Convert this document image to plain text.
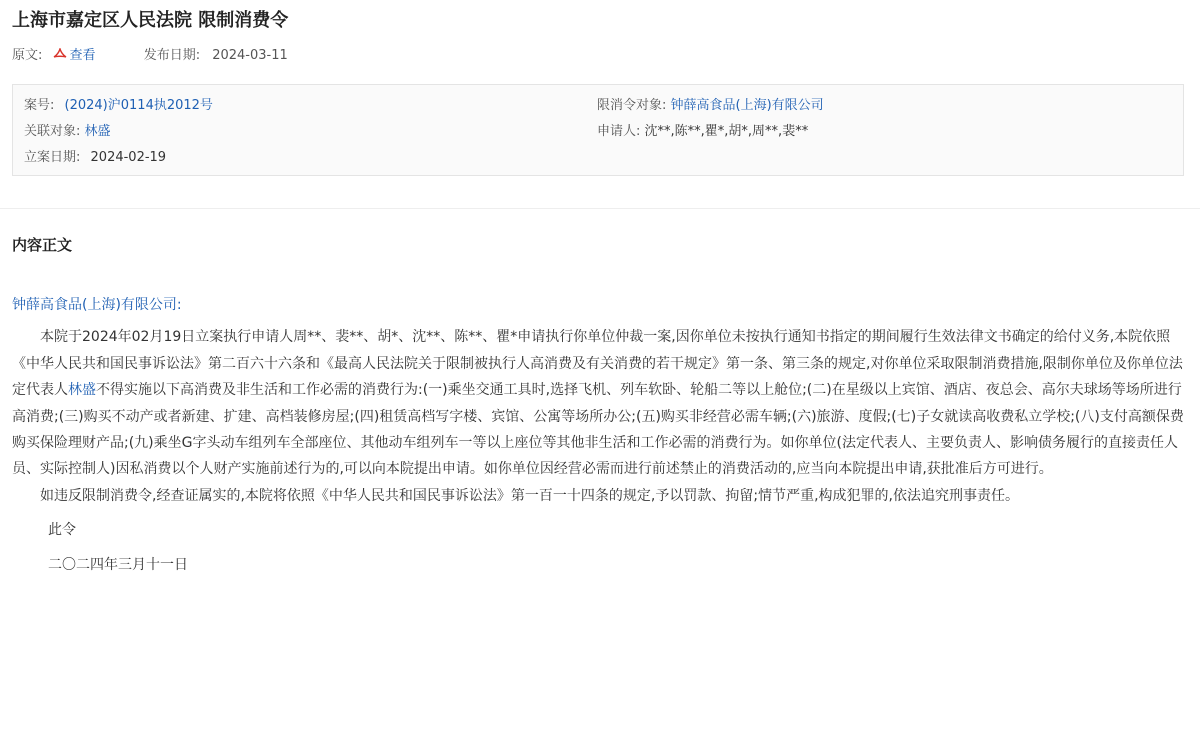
上海市嘉定区人民法院 限制消费令
原文: 查看	发布日期: 2024-03-11
案号: (2024)沪0114执2012号	限消令对象: 钟薛高食品(上海)有限公司
关联对象: 林盛	申请人: 沈**,陈**,瞿*,胡*,周**,裴**
立案日期: 2024-02-19
内容正文

钟薛高食品(上海)有限公司:

本院于2024年02月19日立案执行申请人周**、裴**、胡*、沈**、陈**、瞿*申请执行你单位仲裁一案,因你单位未按执行通知书指定的期间履行生效法律文书确定的给付义务,本院依照《中华人民共和国民事诉讼法》第二百六十六条和《最高人民法院关于限制被执行人高消费及有关消费的若干规定》第一条、第三条的规定,对你单位采取限制消费措施,限制你单位及你单位法定代表人林盛不得实施以下高消费及非生活和工作必需的消费行为:(一)乘坐交通工具时,选择飞机、列车软卧、轮船二等以上舱位;(二)在星级以上宾馆、酒店、夜总会、高尔夫球场等场所进行高消费;(三)购买不动产或者新建、扩建、高档装修房屋;(四)租赁高档写字楼、宾馆、公寓等场所办公;(五)购买非经营必需车辆;(六)旅游、度假;(七)子女就读高收费私立学校;(八)支付高额保费购买保险理财产品;(九)乘坐G字头动车组列车全部座位、其他动车组列车一等以上座位等其他非生活和工作必需的消费行为。如你单位(法定代表人、主要负责人、影响债务履行的直接责任人员、实际控制人)因私消费以个人财产实施前述行为的,可以向本院提出申请。如你单位因经营必需而进行前述禁止的消费活动的,应当向本院提出申请,获批准后方可进行。

如违反限制消费令,经查证属实的,本院将依照《中华人民共和国民事诉讼法》第一百一十四条的规定,予以罚款、拘留;情节严重,构成犯罪的,依法追究刑事责任。

此令

二〇二四年三月十一日
